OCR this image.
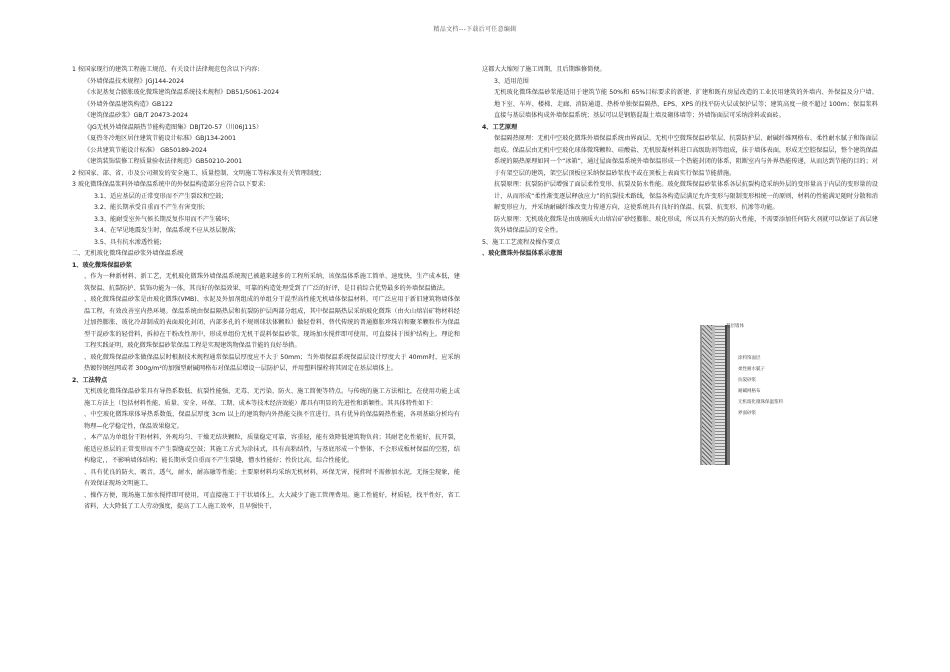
精品文档---下载后可任意编辑
1 按国家现行的建筑工程施工规范、有关设计法律规范包含以下内容:
《外墙保温技术规程》JGJ144-2024
《水泥基复合膨胀玻化微珠建筑保温系统技术规程》DB51/5061-2024
《外墙外保温建筑构造》GB122
《建筑保温砂浆》GB/T 20473-2024
《JG无机外墙保温隔热节能构造图集》DBJT20-57（川06J115）
《夏热冬冷地区居住建筑节能设计标准》GBJ134-2001
《公共建筑节能设计标准》 GB50189-2024
《建筑装饰装修工程质量验收法律规范》GB50210-2001
2 按国家、部、省、市及公司颁发的安全施工、质量控制、文明施工等标准及有关管理制度;
3 玻化微珠保温浆料外墙保温系统中的外保温构造部分应符合以下要求:
3.1、适应基层的正常变形而不产生裂纹和空鼓;
3.2、能长期承受自重而不产生有害变形;
3.3、能耐受室外气候长期反复作用而不产生破坏;
3.4、在罕见地震发生时，保温系统不应从基层脱落;
3.5、具有抗水渗透性能;
二、无机玻化微珠保温砂浆外墙保温系统
1、玻化微珠保温砂浆
、作为一种新材料、新工艺，无机玻化微珠外墙保温系统现已被越来越多的工程所采纳，该保温体系施工简单、速度快，生产成本低，建筑保温、抗裂防护、装饰功能为一体，其良好的保温效果、可靠的构造处理受到了广泛的好评，是目前综合优势最多的外墙保温做法。
、玻化微珠保温砂浆是由玻化微珠(VMB)、水泥及外加剂组成的单组分干混型高性能无机墙体保温材料，可广泛应用于新旧建筑物墙体保温工程，有效改善室内热环境。保温系统由保温隔热层和抗裂防护层两部分组成，其中保温隔热层采纳玻化微珠（由火山熔岩矿物材料经过加热膨胀、玻化冷却制成的表面玻化封闭、内部多孔的不规则球状体颗粒）做轻骨料，替代传统的普通膨胀珍珠岩和聚苯颗粒作为保温型干混砂浆的轻骨料，拆掉在干粉改性剂中，形成单组份无机干混料保温砂浆，现场加水搅拌即可使用，可直接抹于围护结构上。理论和工程实践证明，玻化微珠保温砂浆保温工程是实现建筑物保温节能的良好举措。
、玻化微珠保温砂浆做保温层时根据技术规程通常保温层厚度应不大于 50mm；当外墙保温系统保温层设计厚度大于 40mm时，应采纳热镀锌钢丝网或者 300g/m²的加强型耐碱网格布对保温层增设一层防护层，并用塑料锚栓将其固定在基层墙体上。
2、工法特点
无机玻化微珠保温砂浆具有导热系数低、抗裂性能强、无毒、无污染、防火、施工简便等特点。与传统的施工方法相比，在使用功能上或施工方法上（包括材料性能、质量、安全、环保、工期、成本等技术经济效能）都具有明显的先进性和新颖性。其具体特性如下：
、中空玻化微珠球体导热系数低，保温层厚度 3cm 以上的建筑物内外热能交换不宜进行，具有优异的保温隔热性能，各项基础分析均有物理—化学稳定性，保温效果稳定。
、本产品为单组份干粉材料，外观均匀、干燥无结块颗粒，质量稳定可靠，容重轻，能有效降低建筑物负荷；其耐老化性能好，抗开裂，能适应基层的正常变形而不产生裂缝或空鼓；其施工方式为涂抹式，具有高粘结性，与基底形成一个整体，不会形成板材保温的空腔，结构稳定，，不影响墙体结构；能长期承受自重而不产生裂缝，憎水性能好；性价比高，综合性能优。
、具有优良的防火，吸音，透气，耐水，耐冻融等性能；主要原材料均采纳无机材料，环保无害，搅拌时不需掺加水泥，无扬尘现象，能有效保证现场文明施工。
、操作方便，现场施工加水搅拌即可使用，可直接施工于干状墙体上，大大减少了施工管理费用。施工性能好，材质轻，找平性好，省工省料，大大降低了工人劳动强度，提高了工人施工效率，且早强快干，
这都大大缩短了施工周期，且后期维修简便。
3、适用范围
无机玻化微珠保温砂浆能适用于建筑节能 50%和 65%目标要求的新建、扩建和既有房屋改造的工业民用建筑的外墙内、外保温及分户墙、地下室、车库、楼梯、走廊、消防通道、热桥单独保温隔热、EPS、XPS 的找平防火层或保护层等；建筑高度一般不超过 100m；保温浆料直接与基层墙体构成外墙保温系统；基层可以是钢筋混凝土墙及砌体墙等；外墙饰面层可采纳涂料或面砖。
4、工艺原理
保温隔热原理：无机中空玻化微珠外墙保温系统由界面层、无机中空微珠保温砂浆层、抗裂防护层、耐碱纤维网格布、柔性耐水腻子和饰面层组成。保温层由无机中空玻化球体微珠颗粒、硅酸盐、无机胶凝材料进口高级助剂等组成，抹于墙体表面，形成无空腔保温层，整个建筑保温系统的隔热原理如同一个“冰箱”，通过屋面保温系统外墙保温形成一个热能封闭的体系，阻断室内与外界热能传递，从而达到节能的目的；对于有架空层的建筑，架空层顶板应采纳保温砂浆找平或在顶板上表面实行保温节能措施。
抗裂原理：抗裂防护层增强了面层柔性变形、抗裂及防水性能。玻化微珠保温砂浆体系各层抗裂构造采纳外层的变形量高于内层的变形量的设计，从而形成“柔性渐变逐层释放应力”的抗裂技术路线，保温各构造层满足允许变形与限制变形相统一的原则，材料的性能满足随时分散和消解变形应力，并采纳耐碱纤维改变力传递方向，这使系统具有良好的保温、抗裂、抗变形、抗渗等功能。
防火原理：无机玻化微珠是由玻璃质火山熔岩矿砂经膨胀、玻化形成，所以具有天然的防火性能，不需要添加任何防火剂就可以保证了高层建筑外墙保温层的安全性。
5、施工工艺流程及操作要点
、玻化微珠外保温体系示意图
基层墙体
涂料饰面层
柔性耐水腻子
抗裂砂浆
耐碱网格布
无机玻化微珠保温浆料
界面砂浆
